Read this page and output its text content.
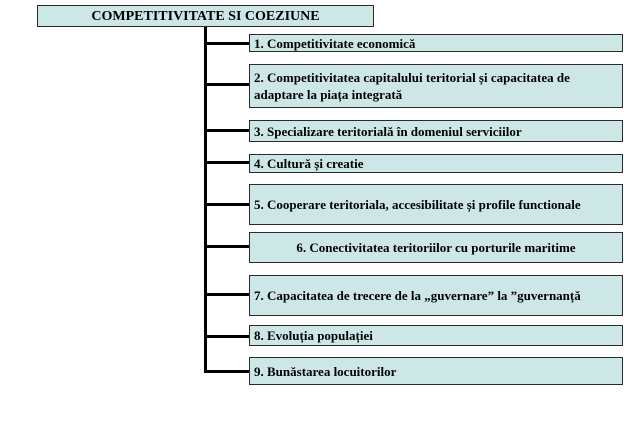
COMPETITIVITATE SI COEZIUNE
1. Competitivitate economică
2. Competitivitatea capitalului teritorial și capacitatea de adaptare la piața integrată
3. Specializare teritorială în domeniul serviciilor
4. Cultură și creatie
5. Cooperare teritoriala, accesibilitate și profile functionale
6. Conectivitatea teritoriilor cu porturile maritime
7. Capacitatea de trecere de la „guvernare” la ”guvernanță
8. Evoluția populației
9. Bunăstarea locuitorilor
